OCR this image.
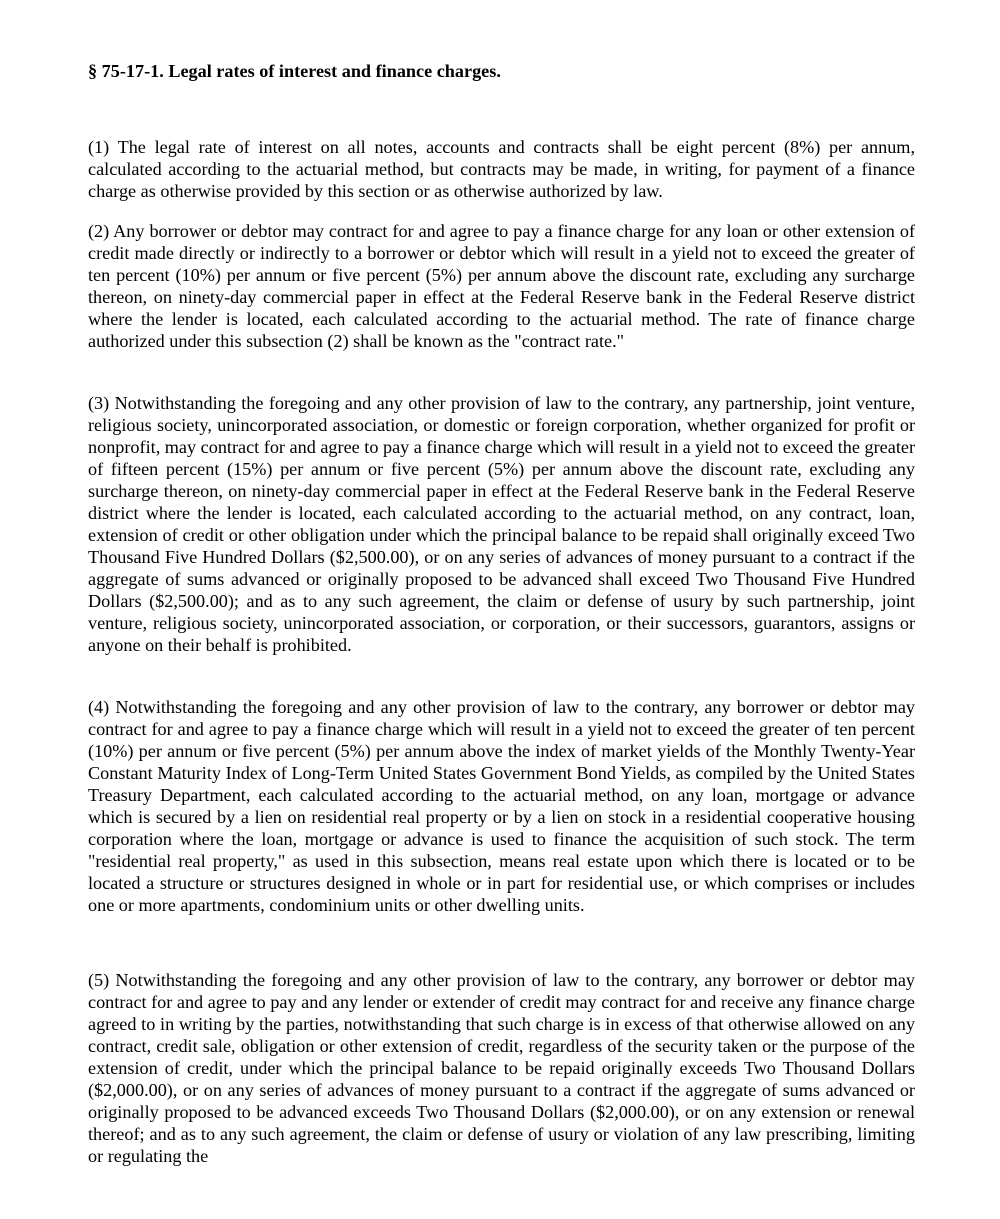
§ 75-17-1. Legal rates of interest and finance charges.

(1) The legal rate of interest on all notes, accounts and contracts shall be eight percent (8%) per annum, calculated according to the actuarial method, but contracts may be made, in writing, for payment of a finance charge as otherwise provided by this section or as otherwise authorized by law.

(2) Any borrower or debtor may contract for and agree to pay a finance charge for any loan or other extension of credit made directly or indirectly to a borrower or debtor which will result in a yield not to exceed the greater of ten percent (10%) per annum or five percent (5%) per annum above the discount rate, excluding any surcharge thereon, on ninety-day commercial paper in effect at the Federal Reserve bank in the Federal Reserve district where the lender is located, each calculated according to the actuarial method. The rate of finance charge authorized under this subsection (2) shall be known as the "contract rate."

(3) Notwithstanding the foregoing and any other provision of law to the contrary, any partnership, joint venture, religious society, unincorporated association, or domestic or foreign corporation, whether organized for profit or nonprofit, may contract for and agree to pay a finance charge which will result in a yield not to exceed the greater of fifteen percent (15%) per annum or five percent (5%) per annum above the discount rate, excluding any surcharge thereon, on ninety-day commercial paper in effect at the Federal Reserve bank in the Federal Reserve district where the lender is located, each calculated according to the actuarial method, on any contract, loan, extension of credit or other obligation under which the principal balance to be repaid shall originally exceed Two Thousand Five Hundred Dollars ($2,500.00), or on any series of advances of money pursuant to a contract if the aggregate of sums advanced or originally proposed to be advanced shall exceed Two Thousand Five Hundred Dollars ($2,500.00); and as to any such agreement, the claim or defense of usury by such partnership, joint venture, religious society, unincorporated association, or corporation, or their successors, guarantors, assigns or anyone on their behalf is prohibited.

(4) Notwithstanding the foregoing and any other provision of law to the contrary, any borrower or debtor may contract for and agree to pay a finance charge which will result in a yield not to exceed the greater of ten percent (10%) per annum or five percent (5%) per annum above the index of market yields of the Monthly Twenty-Year Constant Maturity Index of Long-Term United States Government Bond Yields, as compiled by the United States Treasury Department, each calculated according to the actuarial method, on any loan, mortgage or advance which is secured by a lien on residential real property or by a lien on stock in a residential cooperative housing corporation where the loan, mortgage or advance is used to finance the acquisition of such stock. The term "residential real property," as used in this subsection, means real estate upon which there is located or to be located a structure or structures designed in whole or in part for residential use, or which comprises or includes one or more apartments, condominium units or other dwelling units.

(5) Notwithstanding the foregoing and any other provision of law to the contrary, any borrower or debtor may contract for and agree to pay and any lender or extender of credit may contract for and receive any finance charge agreed to in writing by the parties, notwithstanding that such charge is in excess of that otherwise allowed on any contract, credit sale, obligation or other extension of credit, regardless of the security taken or the purpose of the extension of credit, under which the principal balance to be repaid originally exceeds Two Thousand Dollars ($2,000.00), or on any series of advances of money pursuant to a contract if the aggregate of sums advanced or originally proposed to be advanced exceeds Two Thousand Dollars ($2,000.00), or on any extension or renewal thereof; and as to any such agreement, the claim or defense of usury or violation of any law prescribing, limiting or regulating the
